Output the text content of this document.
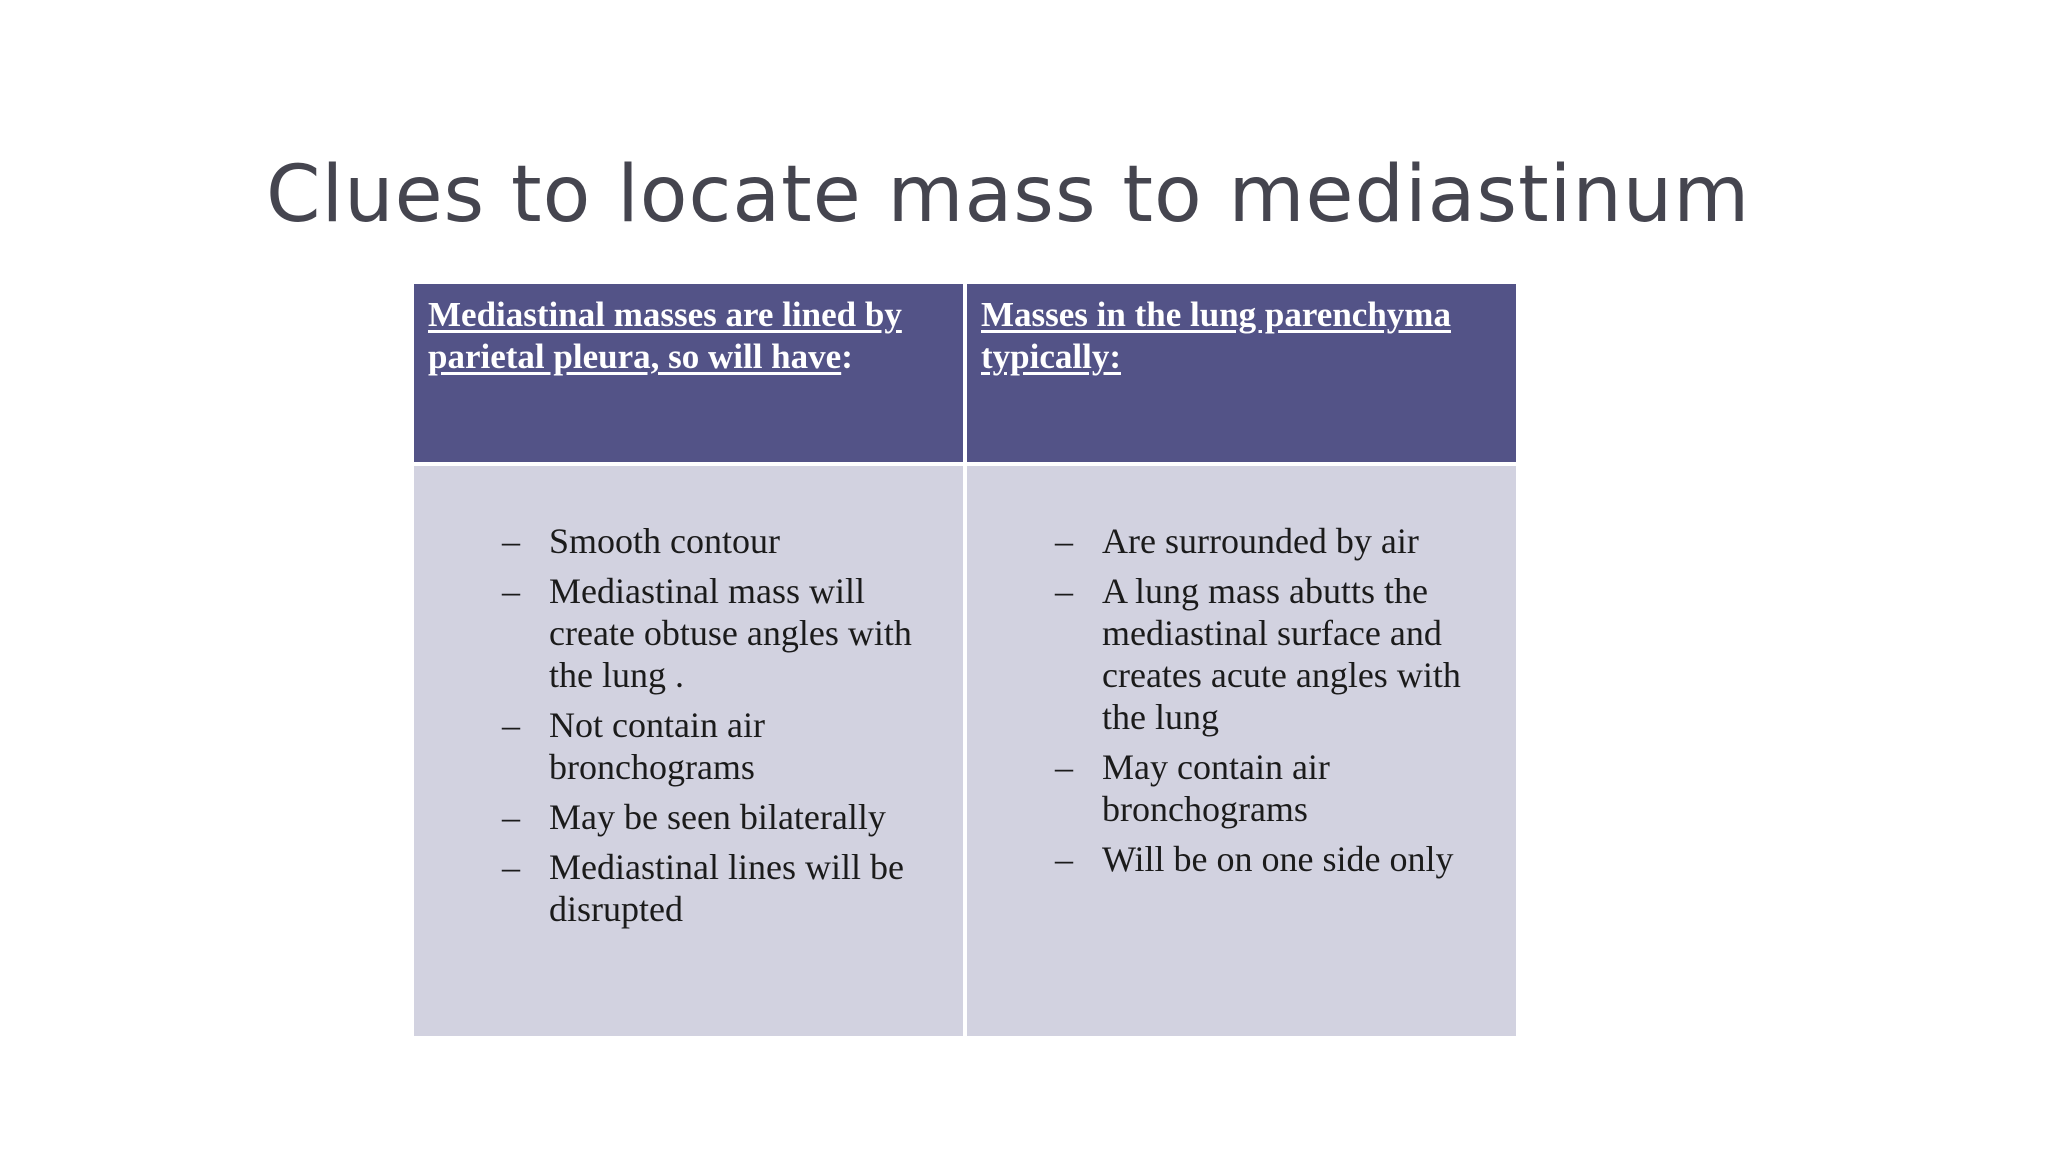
Clues to locate mass to mediastinum
Mediastinal masses are lined by parietal pleura, so will have:
Masses in the lung parenchyma typically:
– Smooth contour
– Mediastinal mass will create obtuse angles with the lung .
– Not contain air bronchograms
– May be seen bilaterally
– Mediastinal lines will be disrupted
– Are surrounded by air
– A lung mass abutts the mediastinal surface and creates acute angles with the lung
– May contain air bronchograms
– Will be on one side only
